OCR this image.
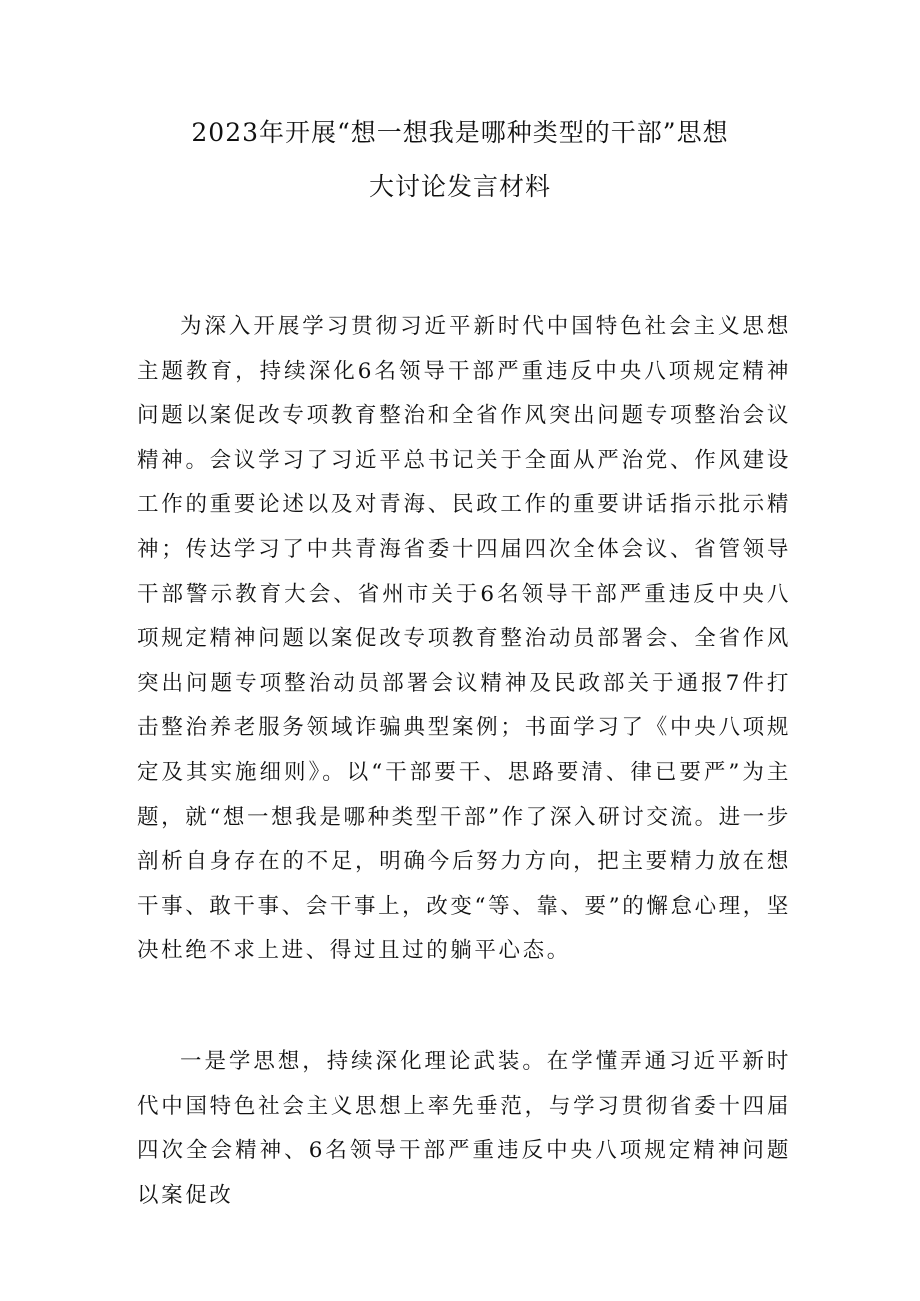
2023年开展“想一想我是哪种类型的干部”思想
大讨论发言材料

为深入开展学习贯彻习近平新时代中国特色社会主义思想主题教育，持续深化6名领导干部严重违反中央八项规定精神问题以案促改专项教育整治和全省作风突出问题专项整治会议精神。会议学习了习近平总书记关于全面从严治党、作风建设工作的重要论述以及对青海、民政工作的重要讲话指示批示精神；传达学习了中共青海省委十四届四次全体会议、省管领导干部警示教育大会、省州市关于6名领导干部严重违反中央八项规定精神问题以案促改专项教育整治动员部署会、全省作风突出问题专项整治动员部署会议精神及民政部关于通报7件打击整治养老服务领域诈骗典型案例；书面学习了《中央八项规定及其实施细则》。以“干部要干、思路要清、律已要严”为主题，就“想一想我是哪种类型干部”作了深入研讨交流。进一步剖析自身存在的不足，明确今后努力方向，把主要精力放在想干事、敢干事、会干事上，改变“等、靠、要”的懈怠心理，坚决杜绝不求上进、得过且过的躺平心态。

一是学思想，持续深化理论武装。在学懂弄通习近平新时代中国特色社会主义思想上率先垂范，与学习贯彻省委十四届四次全会精神、6名领导干部严重违反中央八项规定精神问题以案促改
